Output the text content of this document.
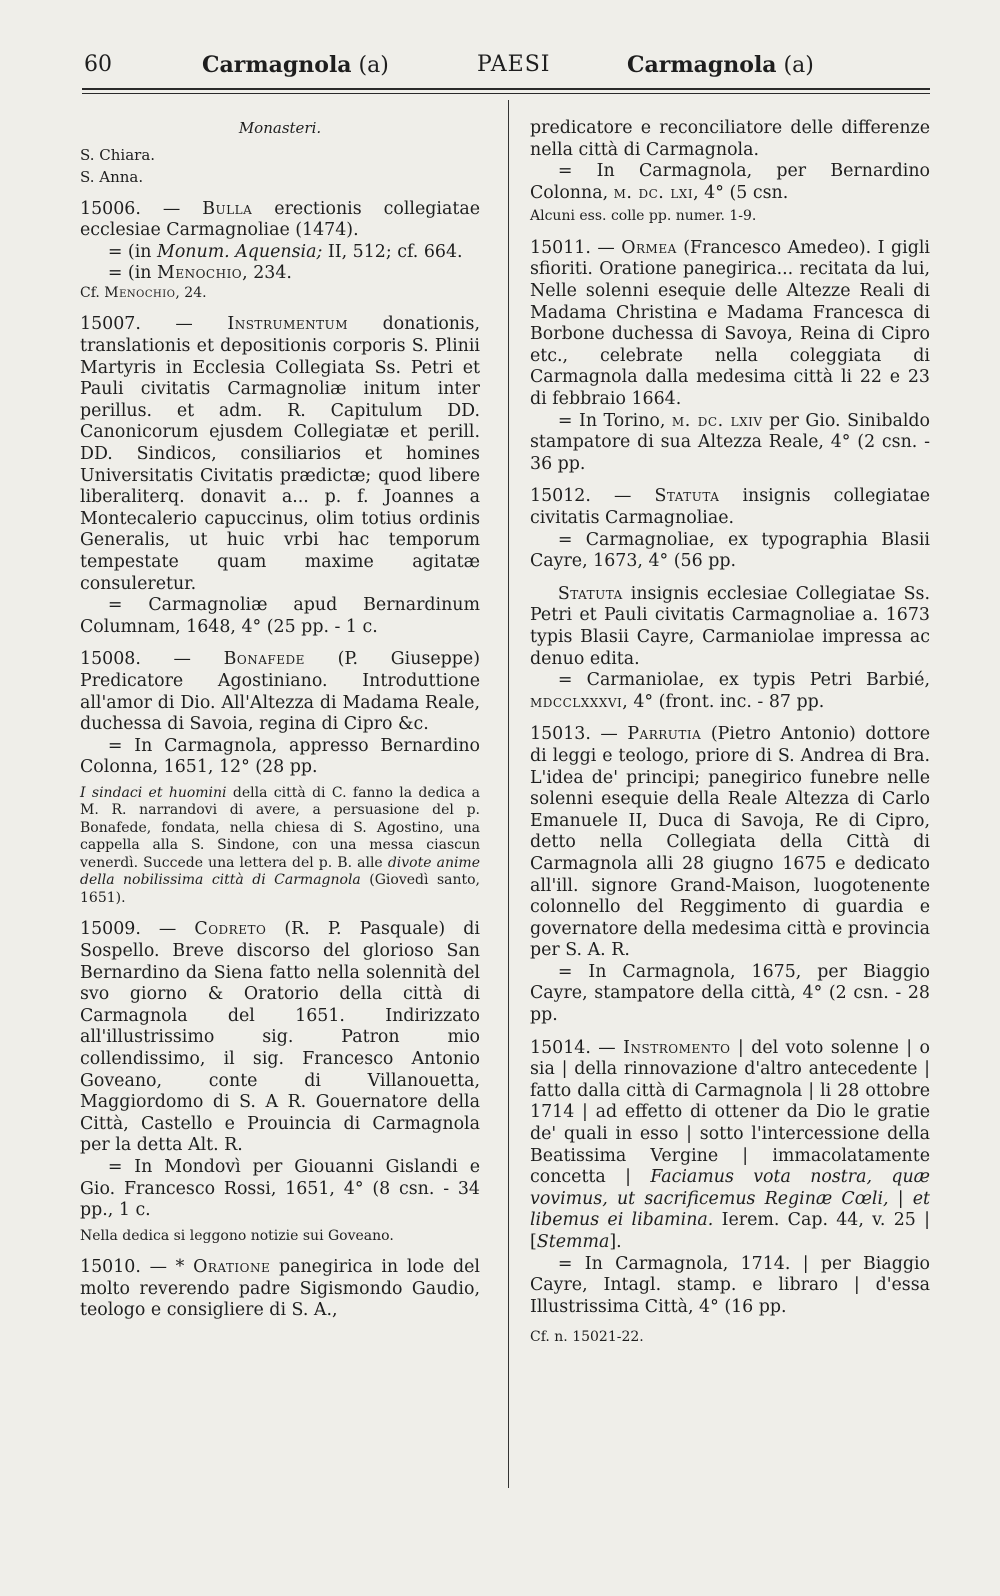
60	Carmagnola (a)	PAESI	Carmagnola (a)

Monasteri.

S. Chiara.

S. Anna.

15006. — Bulla erectionis collegiatae ecclesiae Carmagnoliae (1474).

= (in Monum. Aquensia; II, 512; cf. 664.

= (in Menochio, 234.

Cf. Menochio, 24.

15007. — Instrumentum donationis, translationis et depositionis corporis S. Plinii Martyris in Ecclesia Collegiata Ss. Petri et Pauli civitatis Carmagnoliæ initum inter perillus. et adm. R. Capitulum DD. Canonicorum ejusdem Collegiatæ et perill. DD. Sindicos, consiliarios et homines Universitatis Civitatis prædictæ; quod libere liberaliterq. donavit a... p. f. Joannes a Montecalerio capuccinus, olim totius ordinis Generalis, ut huic vrbi hac temporum tempestate quam maxime agitatæ consuleretur.

= Carmagnoliæ apud Bernardinum Columnam, 1648, 4° (25 pp. - 1 c.

15008. — Bonafede (P. Giuseppe) Predicatore Agostiniano. Introduttione all'amor di Dio. All'Altezza di Madama Reale, duchessa di Savoia, regina di Cipro &c.

= In Carmagnola, appresso Bernardino Colonna, 1651, 12° (28 pp.

I sindaci et huomini della città di C. fanno la dedica a M. R. narrandovi di avere, a persuasione del p. Bonafede, fondata, nella chiesa di S. Agostino, una cappella alla S. Sindone, con una messa ciascun venerdì. Succede una lettera del p. B. alle divote anime della nobilissima città di Carmagnola (Giovedì santo, 1651).

15009. — Codreto (R. P. Pasquale) di Sospello. Breve discorso del glorioso San Bernardino da Siena fatto nella solennità del svo giorno & Oratorio della città di Carmagnola del 1651. Indirizzato all'illustrissimo sig. Patron mio collendissimo, il sig. Francesco Antonio Goveano, conte di Villanouetta, Maggiordomo di S. A R. Gouernatore della Città, Castello e Prouincia di Carmagnola per la detta Alt. R.

= In Mondovì per Giouanni Gislandi e Gio. Francesco Rossi, 1651, 4° (8 csn. - 34 pp., 1 c.

Nella dedica si leggono notizie sui Goveano.

15010. — * Oratione panegirica in lode del molto reverendo padre Sigismondo Gaudio, teologo e consigliere di S. A.,

predicatore e reconciliatore delle differenze nella città di Carmagnola.

= In Carmagnola, per Bernardino Colonna, m. dc. lxi, 4° (5 csn.

Alcuni ess. colle pp. numer. 1-9.

15011. — Ormea (Francesco Amedeo). I gigli sfioriti. Oratione panegirica... recitata da lui, Nelle solenni esequie delle Altezze Reali di Madama Christina e Madama Francesca di Borbone duchessa di Savoya, Reina di Cipro etc., celebrate nella coleggiata di Carmagnola dalla medesima città li 22 e 23 di febbraio 1664.

= In Torino, m. dc. lxiv per Gio. Sinibaldo stampatore di sua Altezza Reale, 4° (2 csn. - 36 pp.

15012. — Statuta insignis collegiatae civitatis Carmagnoliae.

= Carmagnoliae, ex typographia Blasii Cayre, 1673, 4° (56 pp.

Statuta insignis ecclesiae Collegiatae Ss. Petri et Pauli civitatis Carmagnoliae a. 1673 typis Blasii Cayre, Carmaniolae impressa ac denuo edita.

= Carmaniolae, ex typis Petri Barbié, mdcclxxxvi, 4° (front. inc. - 87 pp.

15013. — Parrutia (Pietro Antonio) dottore di leggi e teologo, priore di S. Andrea di Bra. L'idea de' principi; panegirico funebre nelle solenni esequie della Reale Altezza di Carlo Emanuele II, Duca di Savoja, Re di Cipro, detto nella Collegiata della Città di Carmagnola alli 28 giugno 1675 e dedicato all'ill. signore Grand-Maison, luogotenente colonnello del Reggimento di guardia e governatore della medesima città e provincia per S. A. R.

= In Carmagnola, 1675, per Biaggio Cayre, stampatore della città, 4° (2 csn. - 28 pp.

15014. — Instromento | del voto solenne | o sia | della rinnovazione d'altro antecedente | fatto dalla città di Carmagnola | li 28 ottobre 1714 | ad effetto di ottener da Dio le gratie de' quali in esso | sotto l'intercessione della Beatissima Vergine | immacolatamente concetta | Faciamus vota nostra, quæ vovimus, ut sacrificemus Reginæ Cœli, | et libemus ei libamina. Ierem. Cap. 44, v. 25 | [Stemma].

= In Carmagnola, 1714. | per Biaggio Cayre, Intagl. stamp. e libraro | d'essa Illustrissima Città, 4° (16 pp.

Cf. n. 15021-22.
